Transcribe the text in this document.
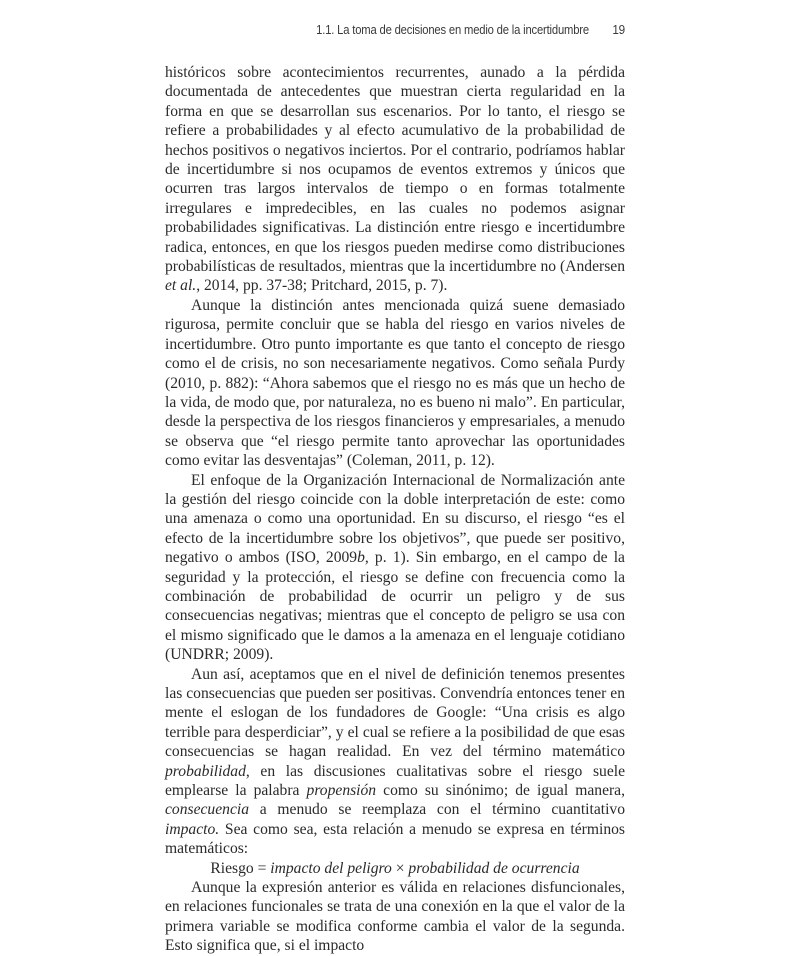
1.1. La toma de decisiones en medio de la incertidumbre 19

históricos sobre acontecimientos recurrentes, aunado a la pérdida documentada de antecedentes que muestran cierta regularidad en la forma en que se desarrollan sus escenarios. Por lo tanto, el riesgo se refiere a probabilidades y al efecto acumulativo de la probabilidad de hechos positivos o negativos inciertos. Por el contrario, podríamos hablar de incertidumbre si nos ocupamos de eventos extremos y únicos que ocurren tras largos intervalos de tiempo o en formas totalmente irregulares e impredecibles, en las cuales no podemos asignar probabilidades significativas. La distinción entre riesgo e incertidumbre radica, entonces, en que los riesgos pueden medirse como distribuciones probabilísticas de resultados, mientras que la incertidumbre no (Andersen et al., 2014, pp. 37-38; Pritchard, 2015, p. 7).

Aunque la distinción antes mencionada quizá suene demasiado rigurosa, permite concluir que se habla del riesgo en varios niveles de incertidumbre. Otro punto importante es que tanto el concepto de riesgo como el de crisis, no son necesariamente negativos. Como señala Purdy (2010, p. 882): “Ahora sabemos que el riesgo no es más que un hecho de la vida, de modo que, por naturaleza, no es bueno ni malo”. En particular, desde la perspectiva de los riesgos financieros y empresariales, a menudo se observa que “el riesgo permite tanto aprovechar las oportunidades como evitar las desventajas” (Coleman, 2011, p. 12).

El enfoque de la Organización Internacional de Normalización ante la gestión del riesgo coincide con la doble interpretación de este: como una amenaza o como una oportunidad. En su discurso, el riesgo “es el efecto de la incertidumbre sobre los objetivos”, que puede ser positivo, negativo o ambos (ISO, 2009b, p. 1). Sin embargo, en el campo de la seguridad y la protección, el riesgo se define con frecuencia como la combinación de probabilidad de ocurrir un peligro y de sus consecuencias negativas; mientras que el concepto de peligro se usa con el mismo significado que le damos a la amenaza en el lenguaje cotidiano (UNDRR; 2009).

Aun así, aceptamos que en el nivel de definición tenemos presentes las consecuencias que pueden ser positivas. Convendría entonces tener en mente el eslogan de los fundadores de Google: “Una crisis es algo terrible para desperdiciar”, y el cual se refiere a la posibilidad de que esas consecuencias se hagan realidad. En vez del término matemático probabilidad, en las discusiones cualitativas sobre el riesgo suele emplearse la palabra propensión como su sinónimo; de igual manera, consecuencia a menudo se reemplaza con el término cuantitativo impacto. Sea como sea, esta relación a menudo se expresa en términos matemáticos:

Riesgo = impacto del peligro × probabilidad de ocurrencia

Aunque la expresión anterior es válida en relaciones disfuncionales, en relaciones funcionales se trata de una conexión en la que el valor de la primera variable se modifica conforme cambia el valor de la segunda. Esto significa que, si el impacto
